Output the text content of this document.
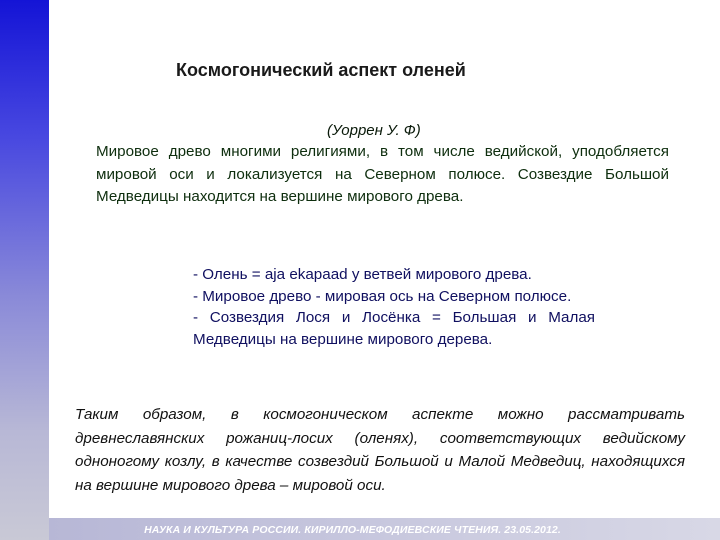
НАУКА И КУЛЬТУРА РОССИИ. КИРИЛЛО-МЕФОДИЕВСКИЕ ЧТЕНИЯ. 23.05.2012.
Космогонический аспект оленей
(Уоррен У. Ф)
Мировое древо многими религиями, в том числе ведийской, уподобляется мировой оси и локализуется на Северном полюсе. Созвездие Большой Медведицы находится на вершине мирового древа.
- Олень = aja ekapaad у ветвей мирового древа.
- Мировое древо - мировая ось на Северном полюсе.
- Созвездия Лося и Лосёнка = Большая и Малая Медведицы на вершине мирового дерева.
Таким образом, в космогоническом аспекте можно рассматривать древнеславянских рожаниц-лосих (оленях), соответствующих ведийскому одноногому козлу, в качестве созвездий Большой и Малой Медведиц, находящихся на вершине мирового древа – мировой оси.
